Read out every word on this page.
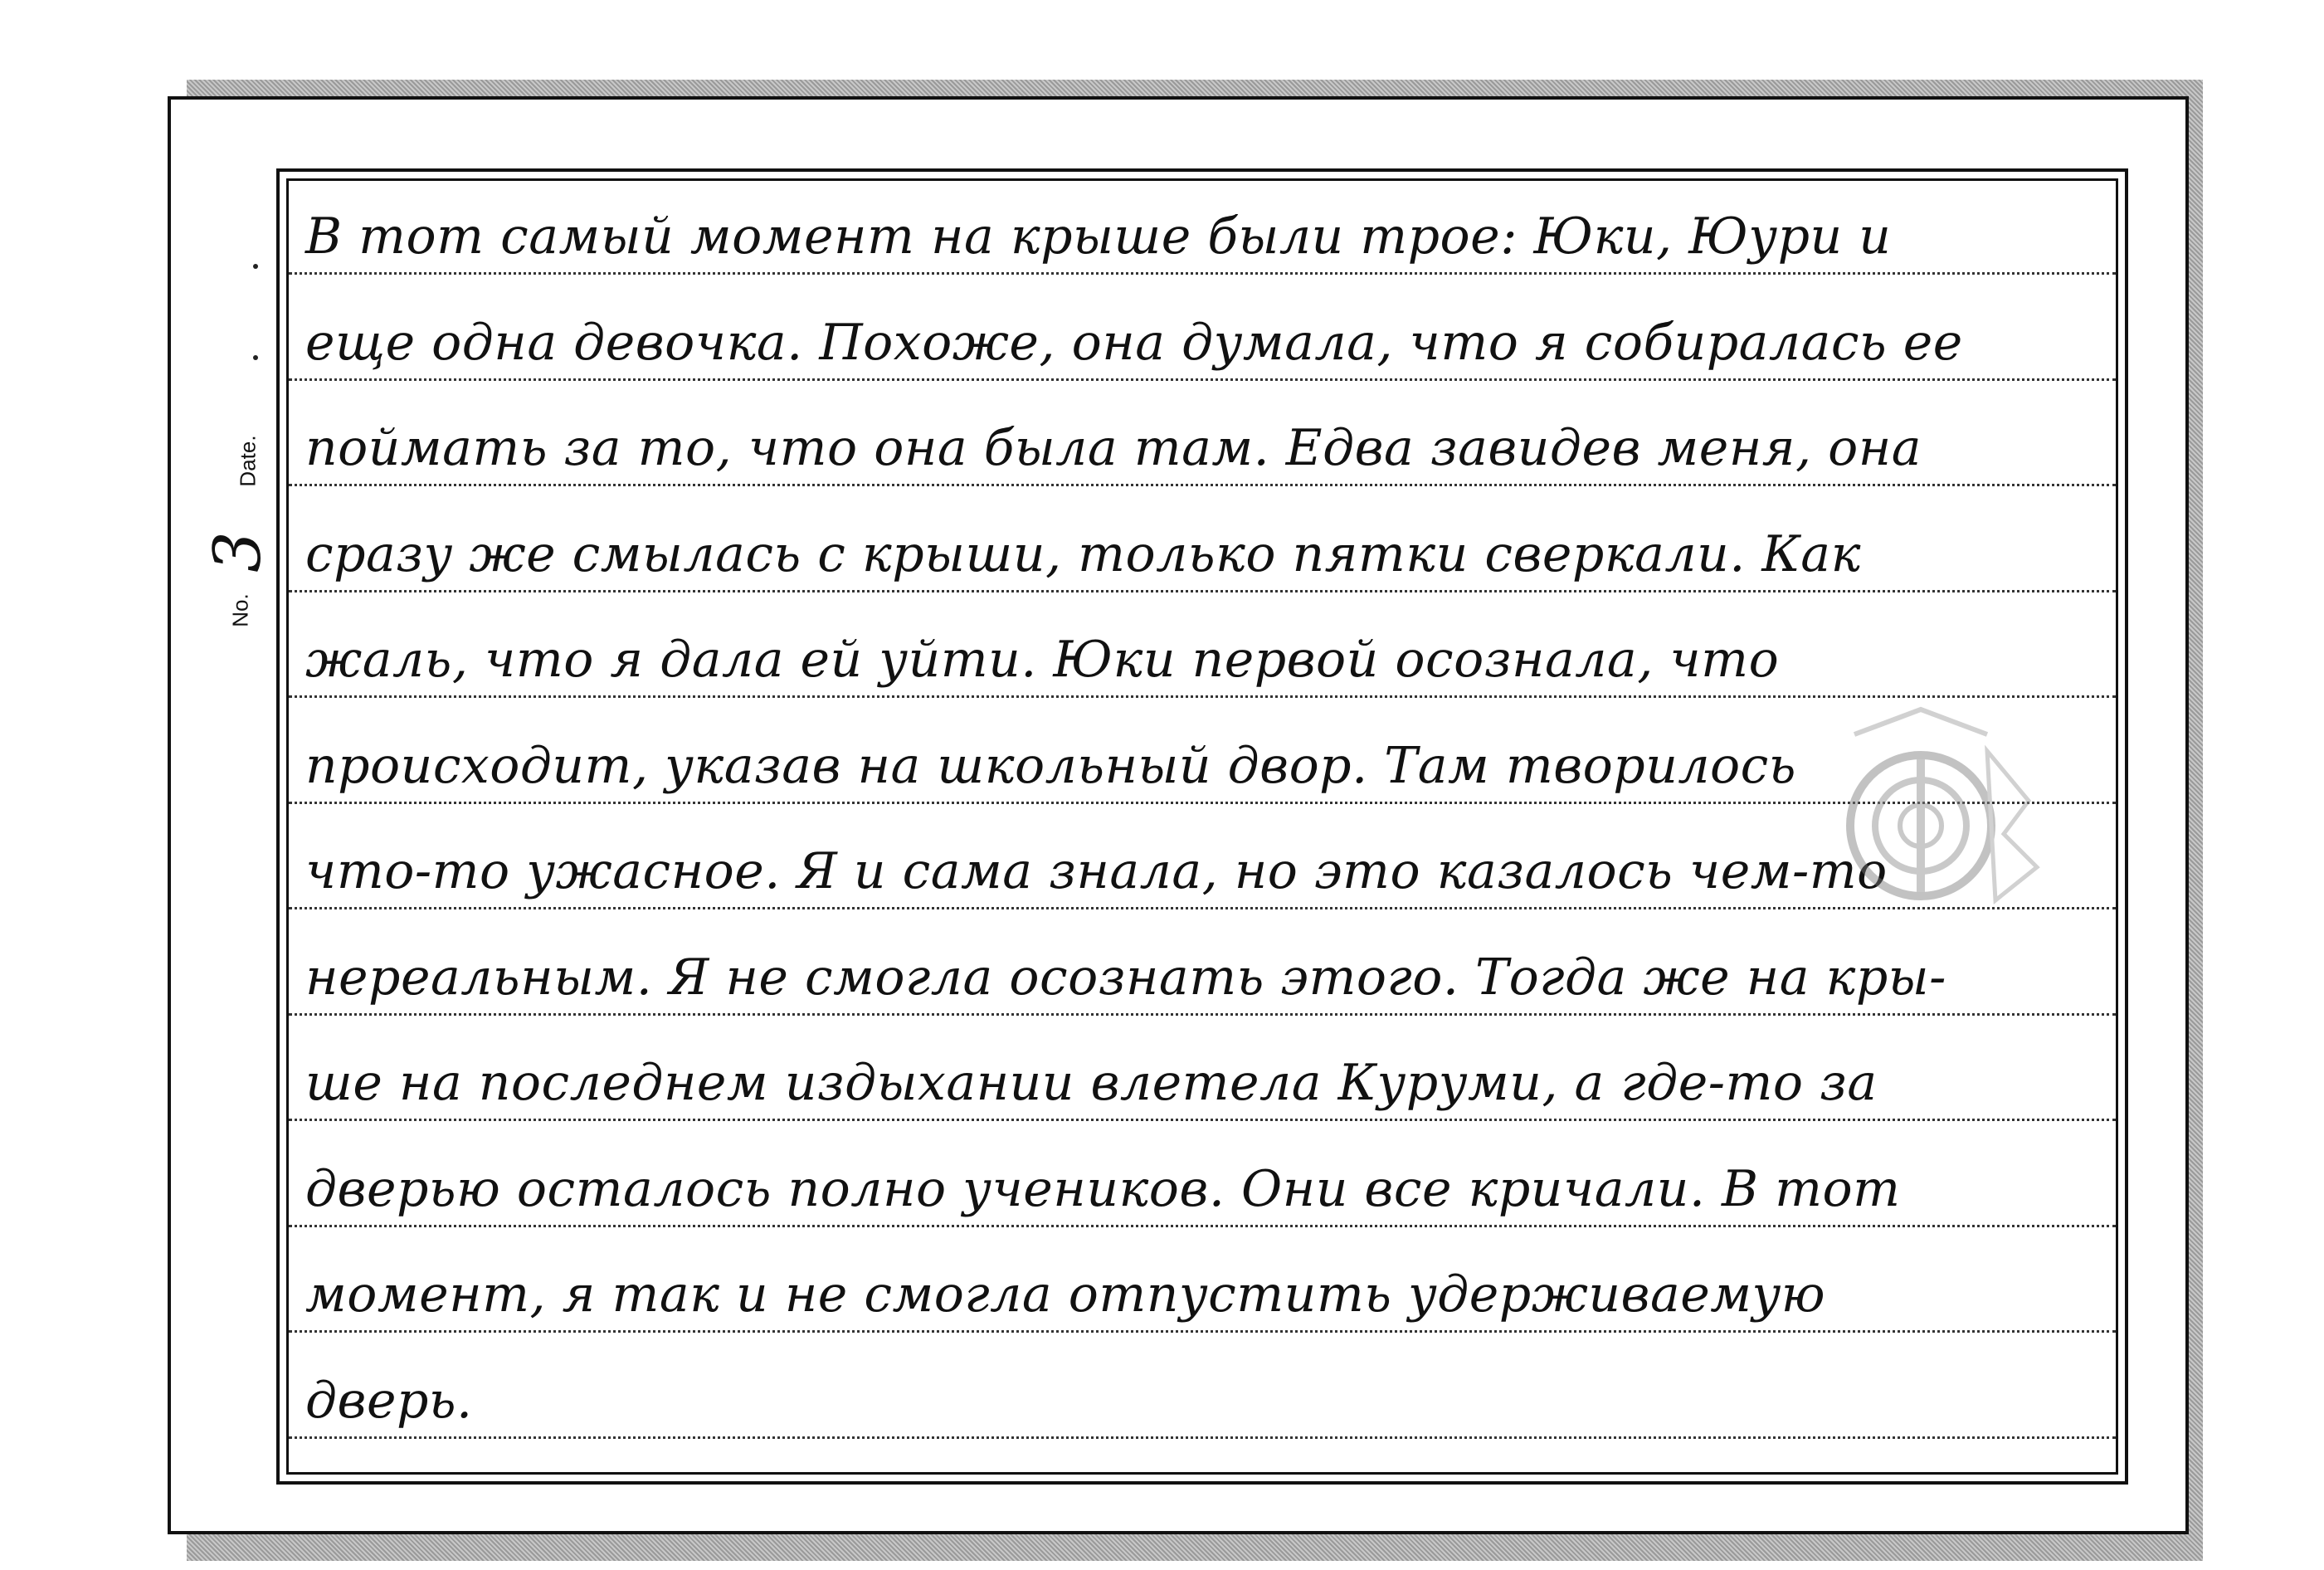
No.
3
Date.
В тот самый момент на крыше были трое: Юки, Юури и
еще одна девочка. Похоже, она думала, что я собиралась ее
поймать за то, что она была там. Едва завидев меня, она
сразу же смылась с крыши, только пятки сверкали. Как
жаль, что я дала ей уйти. Юки первой осознала, что
происходит, указав на школьный двор. Там творилось
что-то ужасное. Я и сама знала, но это казалось чем-то
нереальным. Я не смогла осознать этого. Тогда же на кры-
ше на последнем издыхании влетела Куруми, а где-то за
дверью осталось полно учеников. Они все кричали. В тот
момент, я так и не смогла отпустить удерживаемую
дверь.
